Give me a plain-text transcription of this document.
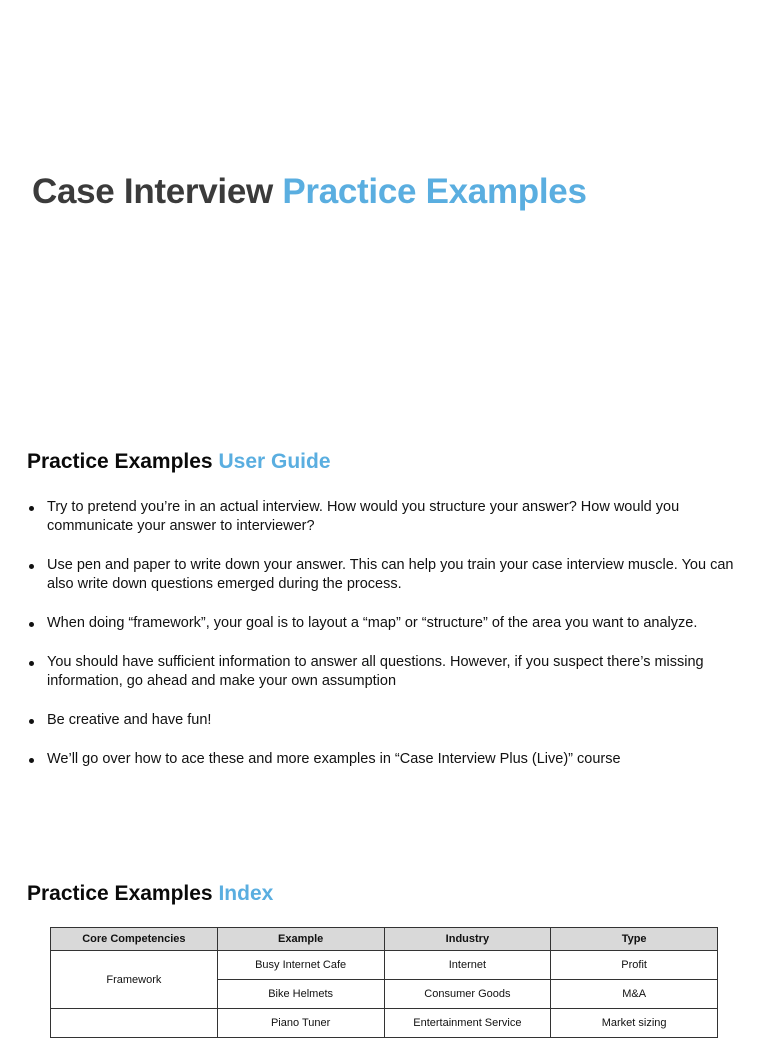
Case Interview Practice Examples
Practice Examples User Guide
Try to pretend you’re in an actual interview. How would you structure your answer? How would you communicate your answer to interviewer?
Use pen and paper to write down your answer. This can help you train your case interview muscle. You can also write down questions emerged during the process.
When doing “framework”, your goal is to layout a “map” or “structure” of the area you want to analyze.
You should have sufficient information to answer all questions. However, if you suspect there’s missing information, go ahead and make your own assumption
Be creative and have fun!
We’ll go over how to ace these and more examples in “Case Interview Plus (Live)” course
Practice Examples Index
Core Competencies	Example	Industry	Type
Framework	Busy Internet Cafe	Internet	Profit
	Bike Helmets	Consumer Goods	M&A
	Piano Tuner	Entertainment Service	Market sizing
